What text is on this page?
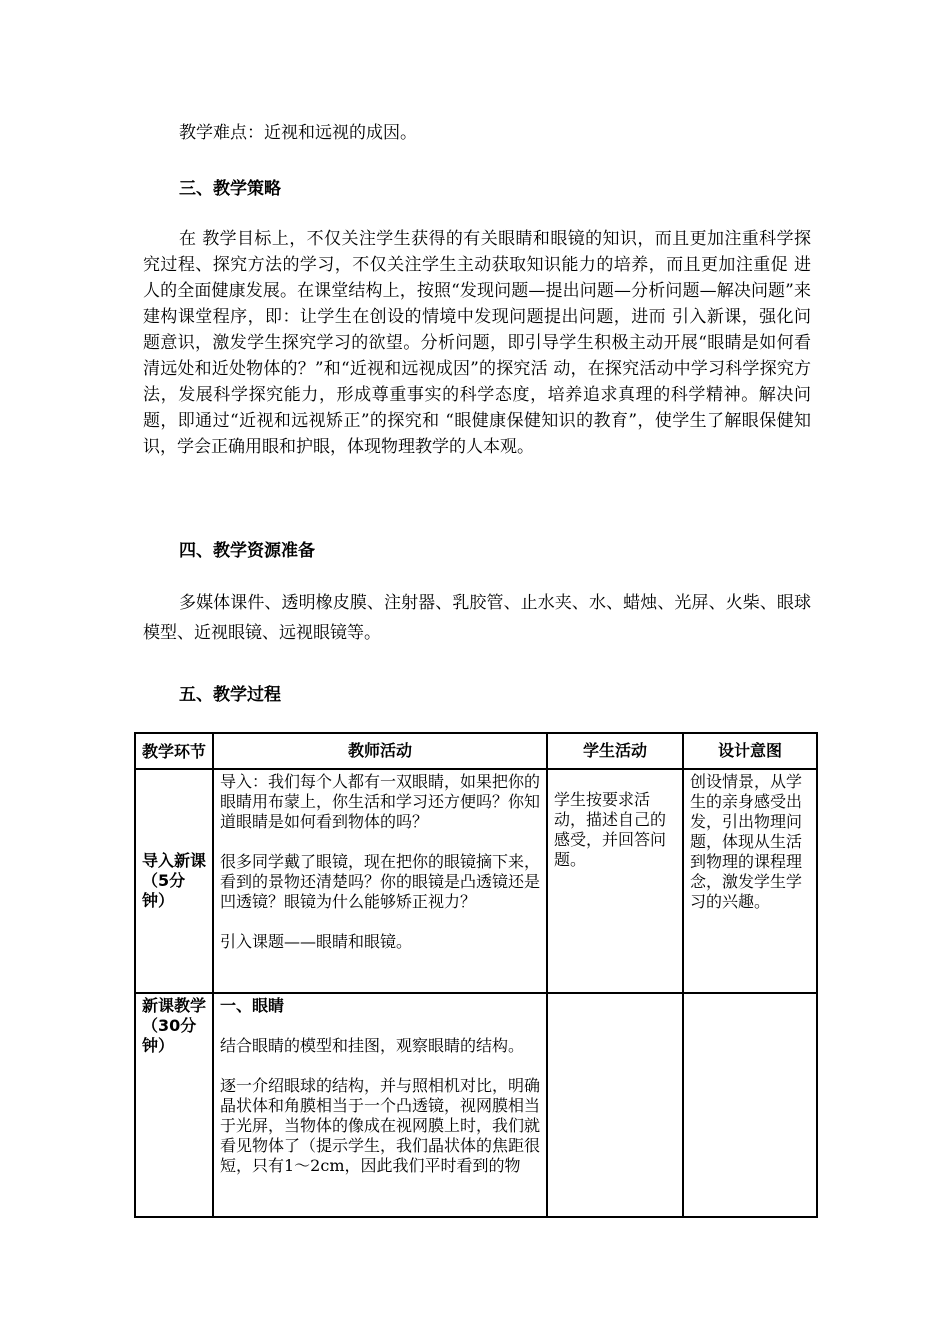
教学难点：近视和远视的成因。

三、教学策略

在 教学目标上，不仅关注学生获得的有关眼睛和眼镜的知识，而且更加注重科学探究过程、探究方法的学习，不仅关注学生主动获取知识能力的培养，而且更加注重促 进人的全面健康发展。在课堂结构上，按照“发现问题—提出问题—分析问题—解决问题”来建构课堂程序，即：让学生在创设的情境中发现问题提出问题，进而 引入新课，强化问题意识，激发学生探究学习的欲望。分析问题，即引导学生积极主动开展“眼睛是如何看清远处和近处物体的？”和“近视和远视成因”的探究活 动，在探究活动中学习科学探究方法，发展科学探究能力，形成尊重事实的科学态度，培养追求真理的科学精神。解决问题，即通过“近视和远视矫正”的探究和 “眼健康保健知识的教育”，使学生了解眼保健知识，学会正确用眼和护眼，体现物理教学的人本观。

四、教学资源准备

多媒体课件、透明橡皮膜、注射器、乳胶管、止水夹、水、蜡烛、光屏、火柴、眼球模型、近视眼镜、远视眼镜等。

五、教学过程

教学环节	教师活动	学生活动	设计意图
导入新课（5分钟）	导入：我们每个人都有一双眼睛，如果把你的眼睛用布蒙上，你生活和学习还方便吗？你知道眼睛是如何看到物体的吗？

很多同学戴了眼镜，现在把你的眼镜摘下来，看到的景物还清楚吗？你的眼镜是凸透镜还是凹透镜？眼镜为什么能够矫正视力？

引入课题——眼睛和眼镜。	学生按要求活动，描述自己的感受，并回答问题。	创设情景，从学生的亲身感受出发，引出物理问题，体现从生活到物理的课程理念，激发学生学习的兴趣。
新课教学（30分钟）	一、眼睛

结合眼睛的模型和挂图，观察眼睛的结构。

逐一介绍眼球的结构，并与照相机对比，明确晶状体和角膜相当于一个凸透镜，视网膜相当于光屏，当物体的像成在视网膜上时，我们就看见物体了（提示学生，我们晶状体的焦距很短，只有1～2cm，因此我们平时看到的物		
